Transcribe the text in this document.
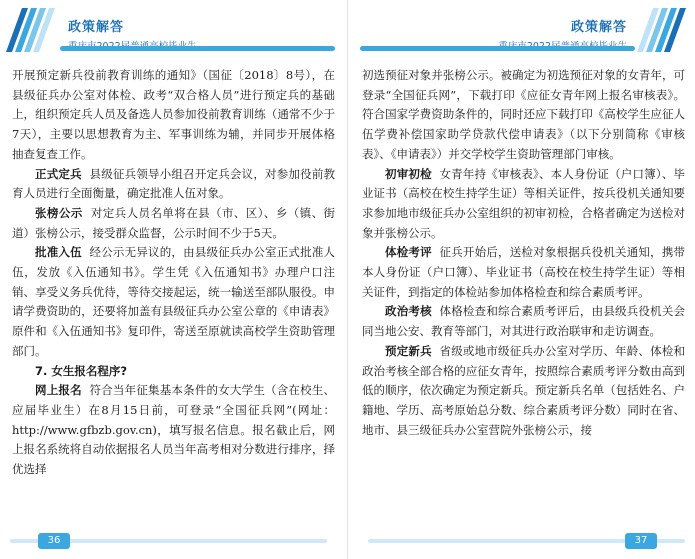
政策解答

开展预定新兵役前教育训练的通知》（国征〔2018〕8号），在县级征兵办公室对体检、政考“双合格人员”进行预定兵的基础上，组织预定兵人员及备选人员参加役前教育训练（通常不少于7天），主要以思想教育为主、军事训练为辅，并同步开展体格抽查复查工作。

正式定兵 县级征兵领导小组召开定兵会议，对参加役前教育人员进行全面衡量，确定批准人伍对象。

张榜公示 对定兵人员名单将在县（市、区）、乡（镇、街道）张榜公示，接受群众监督，公示时间不少于5天。

批准入伍 经公示无异议的，由县级征兵办公室正式批准人伍，发放《入伍通知书》。学生凭《入伍通知书》办理户口注销、享受义务兵优待，等待交接起运，统一输送至部队服役。申请学费资助的，还要将加盖有县级征兵办公室公章的《申请表》原件和《入伍通知书》复印件，寄送至原就读高校学生资助管理部门。

7. 女生报名程序?

网上报名 符合当年征集基本条件的女大学生（含在校生、应届毕业生）在8月15日前，可登录“全国征兵网”(网址：http://www.gfbzb.gov.cn)，填写报名信息。报名截止后，网上报名系统将自动依据报名人员当年高考相对分数进行排序，择优选择

36
政策解答

初选预征对象并张榜公示。被确定为初选预征对象的女青年，可登录“全国征兵网”，下载打印《应征女青年网上报名审核表》。符合国家学费资助条件的，同时还应下载打印《高校学生应征人伍学费补偿国家助学贷款代偿申请表》（以下分别简称《审核表》、《申请表》）并交学校学生资助管理部门审核。

初审初检 女青年持《审核表》、本人身份证（户口簿）、毕业证书（高校在校生持学生证）等相关证件，按兵役机关通知要求参加地市级征兵办公室组织的初审初检，合格者确定为送检对象并张榜公示。

体检考评 征兵开始后，送检对象根据兵役机关通知，携带本人身份证（户口簿）、毕业证书（高校在校生持学生证）等相关证件，到指定的体检站参加体格检查和综合素质考评。

政治考核 体格检查和综合素质考评后，由县级兵役机关会同当地公安、教育等部门，对其进行政治联审和走访调查。

预定新兵 省级或地市级征兵办公室对学历、年龄、体检和政治考核全部合格的应征女青年，按照综合素质考评分数由高到低的顺序，依次确定为预定新兵。预定新兵名单（包括姓名、户籍地、学历、高考原始总分数、综合素质考评分数）同时在省、地市、县三级征兵办公室营院外张榜公示，接

37
